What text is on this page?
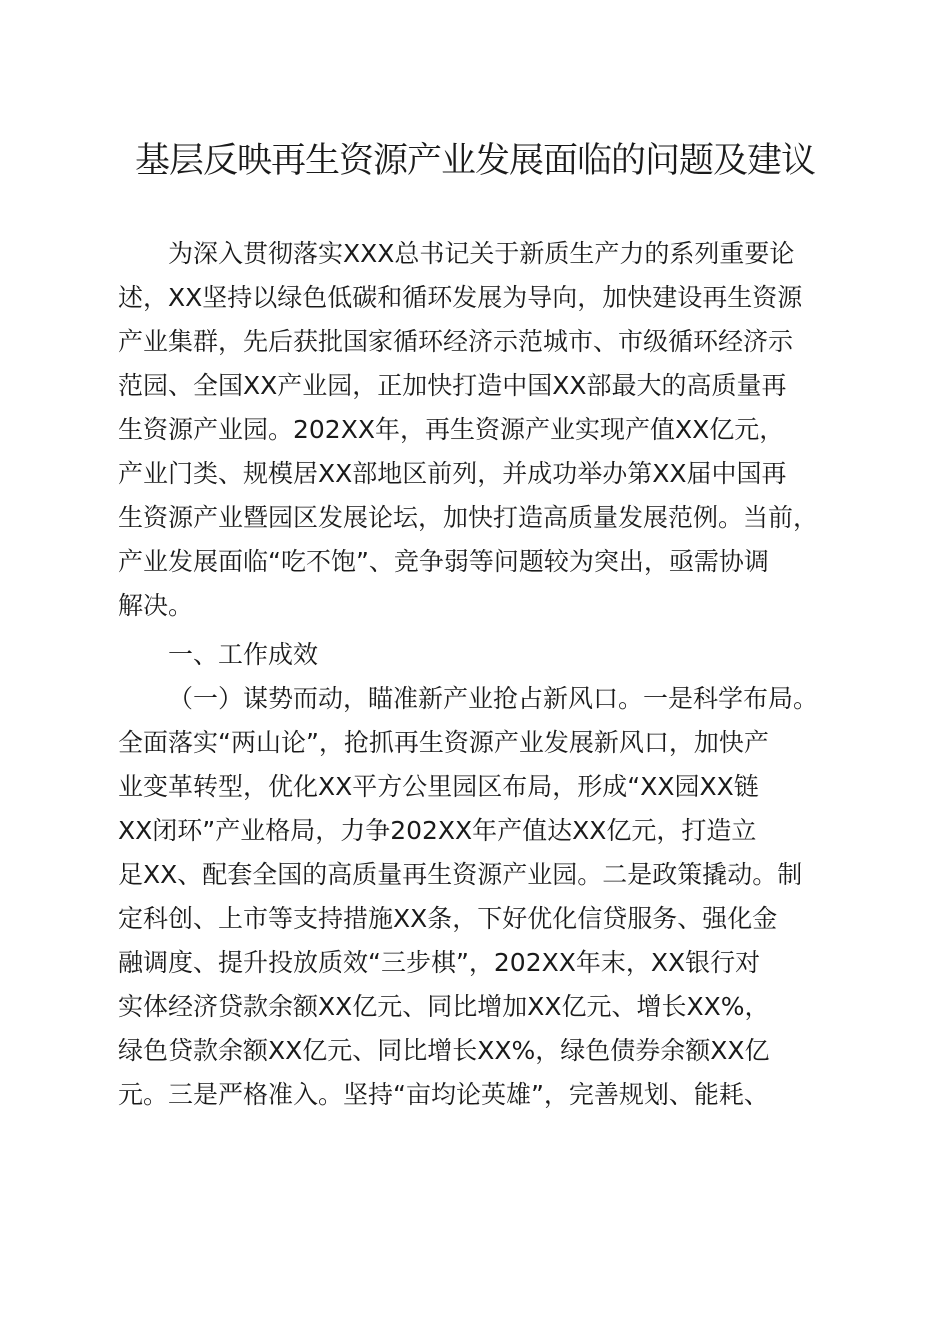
基层反映再生资源产业发展面临的问题及建议

为深入贯彻落实XXX总书记关于新质生产力的系列重要论

述，XX坚持以绿色低碳和循环发展为导向，加快建设再生资源

产业集群，先后获批国家循环经济示范城市、市级循环经济示

范园、全国XX产业园，正加快打造中国XX部最大的高质量再

生资源产业园。202XX年，再生资源产业实现产值XX亿元，

产业门类、规模居XX部地区前列，并成功举办第XX届中国再

生资源产业暨园区发展论坛，加快打造高质量发展范例。当前，

产业发展面临“吃不饱”、竞争弱等问题较为突出，亟需协调

解决。

一、工作成效

（一）谋势而动，瞄准新产业抢占新风口。一是科学布局。

全面落实“两山论”，抢抓再生资源产业发展新风口，加快产

业变革转型，优化XX平方公里园区布局，形成“XX园XX链

XX闭环”产业格局，力争202XX年产值达XX亿元，打造立

足XX、配套全国的高质量再生资源产业园。二是政策撬动。制

定科创、上市等支持措施XX条，下好优化信贷服务、强化金

融调度、提升投放质效“三步棋”，202XX年末，XX银行对

实体经济贷款余额XX亿元、同比增加XX亿元、增长XX%，

绿色贷款余额XX亿元、同比增长XX%，绿色债券余额XX亿

元。三是严格准入。坚持“亩均论英雄”，完善规划、能耗、
